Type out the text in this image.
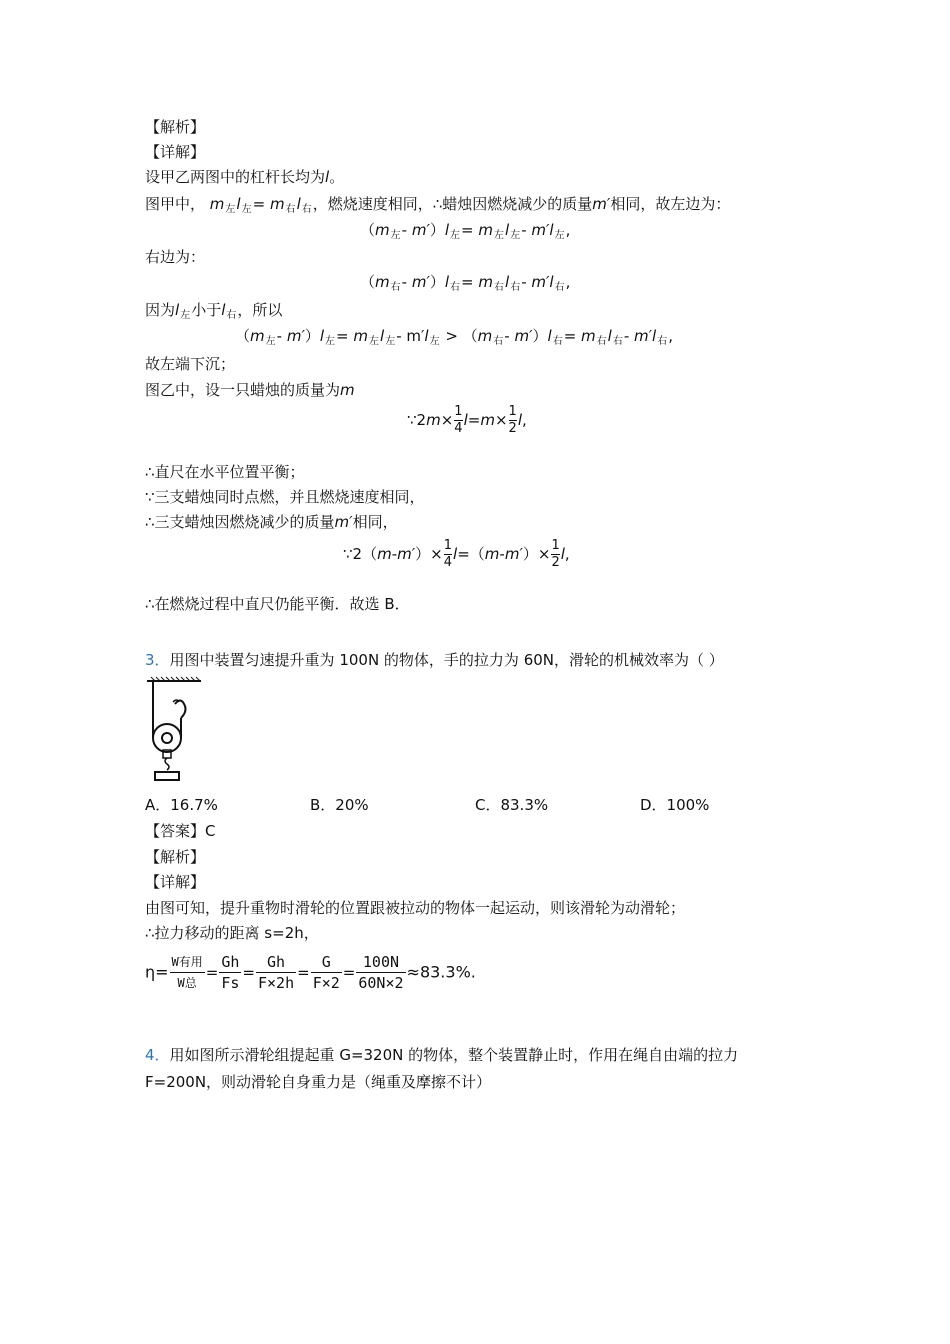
【解析】
【详解】
设甲乙两图中的杠杆长均为l。
图甲中， $m_左l_左= m_右l_右$，燃烧速度相同，∴蜡烛因燃烧减少的质量m′相同，故左边为：
（$m_左-$ $m')l_左= m_左l_左-$ $m'l_左$,
右边为：
（$m_右-$ $m')l_右= m_右l_右-$ $m'l_右$,
因为$l_左$小于$l_右$，所以
（$m_左-$ $m')l_左= m_左l_左-$ $m'l_左 > (m_右-$ $m')l_右= m_右l_右-$ $m'l_右$,
故左端下沉；
图乙中，设一只蜡烛的质量为m
∵2m× $\frac{1}{4} l=m\times \frac{1}{2} l$,
∴直尺在水平位置平衡；
∵三支蜡烛同时点燃，并且燃烧速度相同，
∴三支蜡烛因燃烧减少的质量m′相同，
∵2（m-m′）× $\frac{1}{4} l=(m-m')\times \frac{1}{2} l$,
∴在燃烧过程中直尺仍能平衡．故选 B．
3．用图中装置匀速提升重为 100N 的物体，手的拉力为 60N，滑轮的机械效率为（ ）
A．16.7%	B．20%	C．83.3%	D．100%
【答案】C
【解析】
【详解】
由图可知，提升重物时滑轮的位置跟被拉动的物体一起运动，则该滑轮为动滑轮；
∴拉力移动的距离 s=2h，
$\eta= \frac{\text{W有用}}{\text{W总}} = \frac{Gh}{Fs} = \frac{Gh}{F\times 2h} = \frac{G}{F\times 2} = \frac{100N}{60N\times 2} \approx 83.3\%$.
4．用如图所示滑轮组提起重 G=320N 的物体，整个装置静止时，作用在绳自由端的拉力
F=200N，则动滑轮自身重力是（绳重及摩擦不计）
